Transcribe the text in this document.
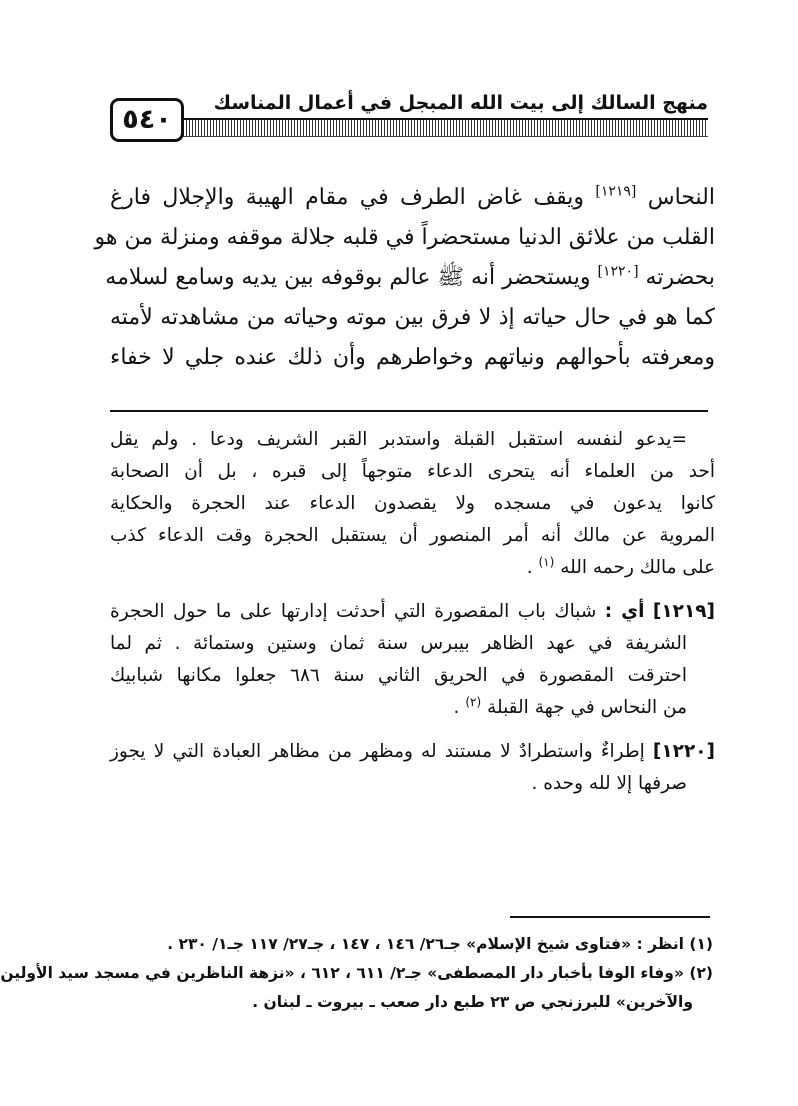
٥٤٠
منهج السالك إلى بيت الله المبجل في أعمال المناسك
النحاس [١٢١٩] ويقف غاض الطرف في مقام الهيبة والإجلال فارغ
القلب من علائق الدنيا مستحضراً في قلبه جلالة موقفه ومنزلة من هو
بحضرته [١٢٢٠] ويستحضر أنه ﷺ عالم بوقوفه بين يديه وسامع لسلامه
كما هو في حال حياته إذ لا فرق بين موته وحياته من مشاهدته لأمته
ومعرفته بأحوالهم ونياتهم وخواطرهم وأن ذلك عنده جلي لا خفاء
=يدعو لنفسه استقبل القبلة واستدبر القبر الشريف ودعا . ولم يقل
أحد من العلماء أنه يتحرى الدعاء متوجهاً إلى قبره ، بل أن الصحابة
كانوا يدعون في مسجده ولا يقصدون الدعاء عند الحجرة والحكاية
المروية عن مالك أنه أمر المنصور أن يستقبل الحجرة وقت الدعاء كذب
على مالك رحمه الله $^{(١)}$ .
[١٢١٩] أي : شباك باب المقصورة التي أحدثت إدارتها على ما حول الحجرة
الشريفة في عهد الظاهر بيبرس سنة ثمان وستين وستمائة . ثم لما
احترقت المقصورة في الحريق الثاني سنة ٦٨٦ جعلوا مكانها شبابيك
من النحاس في جهة القبلة $^{(٢)}$ .
[١٢٢٠] إطراءٌ واستطرادٌ لا مستند له ومظهر من مظاهر العبادة التي لا يجوز
صرفها إلا لله وحده .
(١) انظر : «فتاوى شيخ الإسلام» جـ٢٦/ ١٤٦ ، ١٤٧ ، جـ٢٧/ ١١٧ جـ١/ ٢٣٠ .
(٢) «وفاء الوفا بأخبار دار المصطفى» جـ٢/ ٦١١ ، ٦١٢ ، «نزهة الناظرين في مسجد سيد الأولين
والآخرين» للبرزنجي ص ٢٣ طبع دار صعب ـ بيروت ـ لبنان .
